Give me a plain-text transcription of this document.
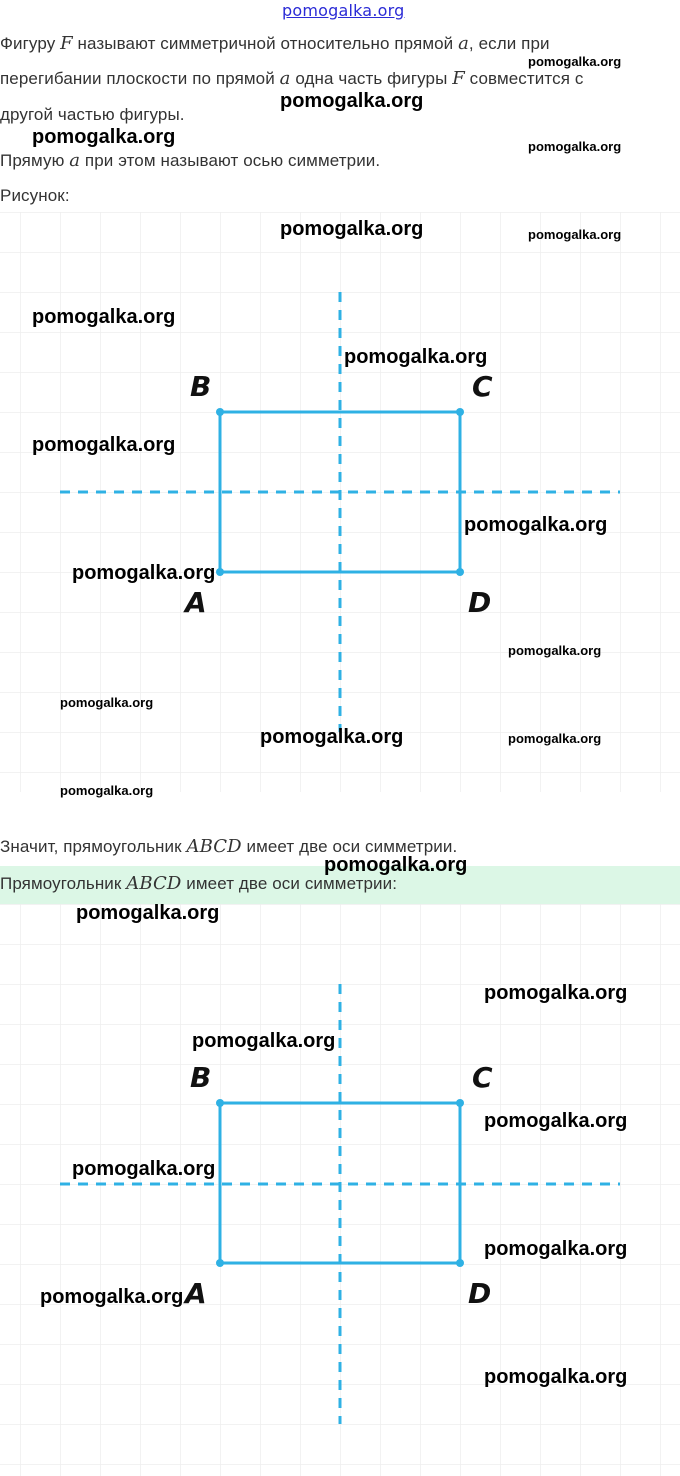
pomogalka.org

Фигуру F называют симметричной относительно прямой a, если при

перегибании плоскости по прямой a одна часть фигуры F совместится с

другой частью фигуры.

Прямую a при этом называют осью симметрии.

Рисунок:

B	C
A	D

Значит, прямоугольник ABCD имеет две оси симметрии.

Прямоугольник ABCD имеет две оси симметрии:

B	C
A	D
pomogalka.org
pomogalka.org
pomogalka.org	pomogalka.org
pomogalka.org	pomogalka.org
pomogalka.org
pomogalka.org
pomogalka.org
pomogalka.org
pomogalka.org
pomogalka.org
pomogalka.org
pomogalka.org	pomogalka.org
pomogalka.org
pomogalka.org
pomogalka.org
pomogalka.org
pomogalka.org
pomogalka.org
pomogalka.org
pomogalka.org
pomogalka.org
pomogalka.org
